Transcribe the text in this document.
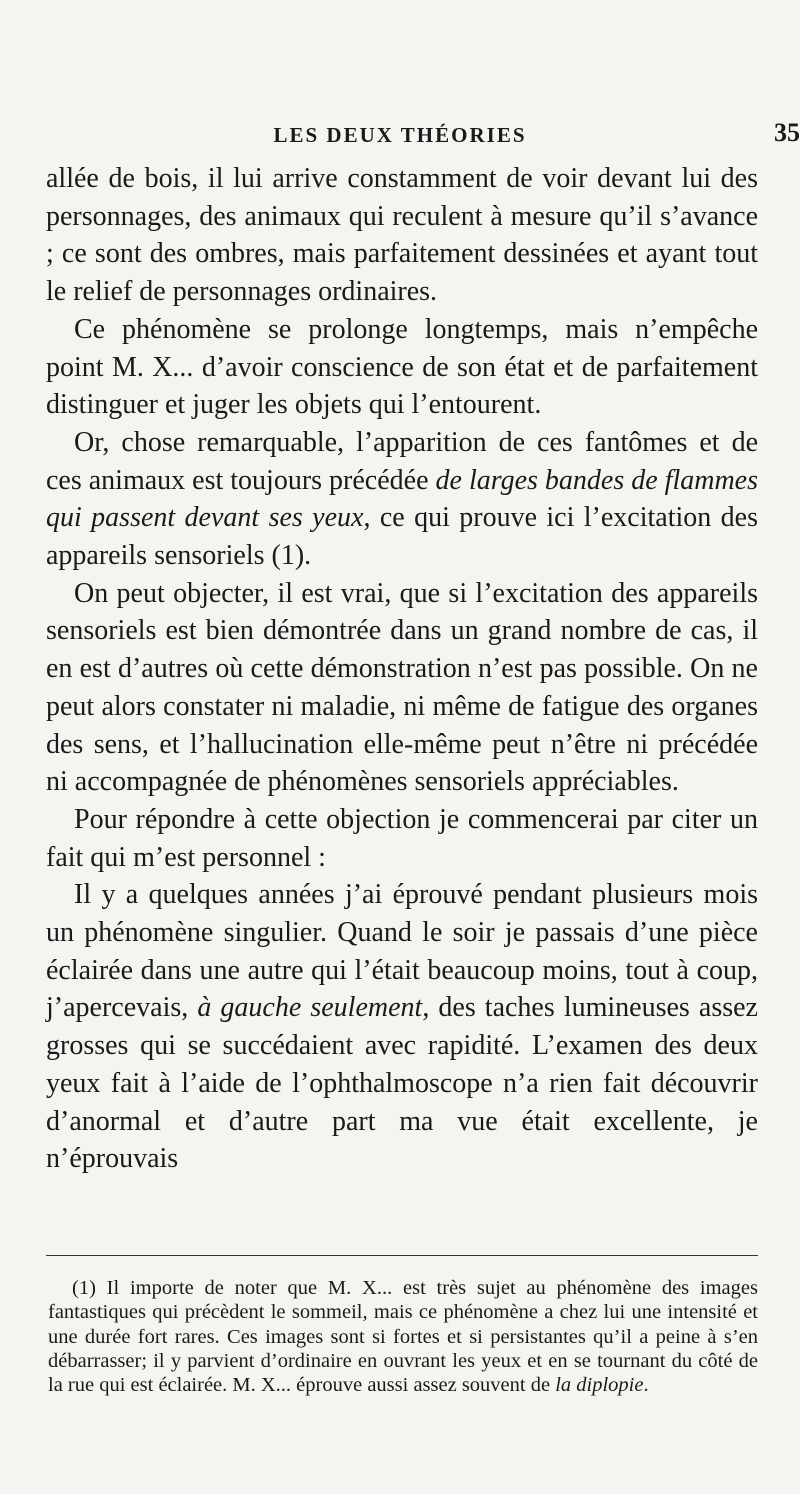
LES DEUX THÉORIES	35

allée de bois, il lui arrive constamment de voir devant lui des personnages, des animaux qui reculent à mesure qu’il s’avance ; ce sont des ombres, mais parfaitement dessinées et ayant tout le relief de personnages ordinaires.

Ce phénomène se prolonge longtemps, mais n’empêche point M. X... d’avoir conscience de son état et de parfaitement distinguer et juger les objets qui l’entourent.

Or, chose remarquable, l’apparition de ces fantômes et de ces animaux est toujours précédée de larges bandes de flammes qui passent devant ses yeux, ce qui prouve ici l’excitation des appareils sensoriels (1).

On peut objecter, il est vrai, que si l’excitation des appareils sensoriels est bien démontrée dans un grand nombre de cas, il en est d’autres où cette démonstration n’est pas possible. On ne peut alors constater ni maladie, ni même de fatigue des organes des sens, et l’hallucination elle-même peut n’être ni précédée ni accompagnée de phénomènes sensoriels appréciables.

Pour répondre à cette objection je commencerai par citer un fait qui m’est personnel :

Il y a quelques années j’ai éprouvé pendant plusieurs mois un phénomène singulier. Quand le soir je passais d’une pièce éclairée dans une autre qui l’était beaucoup moins, tout à coup, j’apercevais, à gauche seulement, des taches lumineuses assez grosses qui se succédaient avec rapidité. L’examen des deux yeux fait à l’aide de l’ophthalmoscope n’a rien fait découvrir d’anormal et d’autre part ma vue était excellente, je n’éprouvais

(1) Il importe de noter que M. X... est très sujet au phénomène des images fantastiques qui précèdent le sommeil, mais ce phénomène a chez lui une intensité et une durée fort rares. Ces images sont si fortes et si persistantes qu’il a peine à s’en débarrasser; il y parvient d’ordinaire en ouvrant les yeux et en se tournant du côté de la rue qui est éclairée. M. X... éprouve aussi assez souvent de la diplopie.
